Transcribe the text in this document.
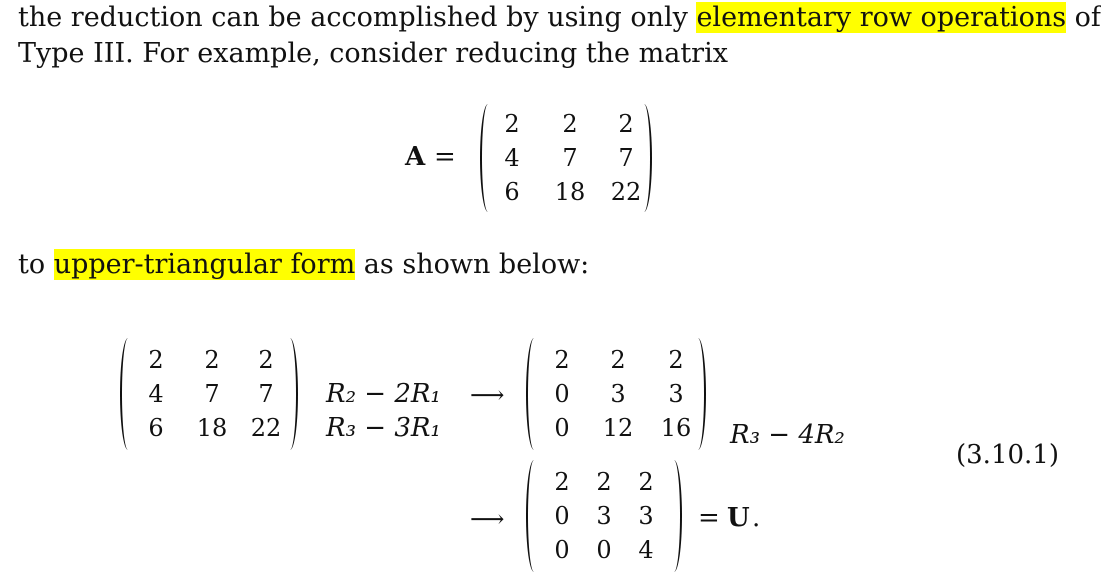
the reduction can be accomplished by using only elementary row operations of
Type III. For example, consider reducing the matrix
A =
2 2 2
4 7 7
6 18 22
to upper-triangular form as shown below:
2 2 2
4 7 7
6 18 22
R₂ − 2R₁
R₃ − 3R₁
⟶
2 2 2
0 3 3
0 12 16 R₃ − 4R₂
(3.10.1)
⟶
2 2 2
0 3 3
0 0 4
= U .
